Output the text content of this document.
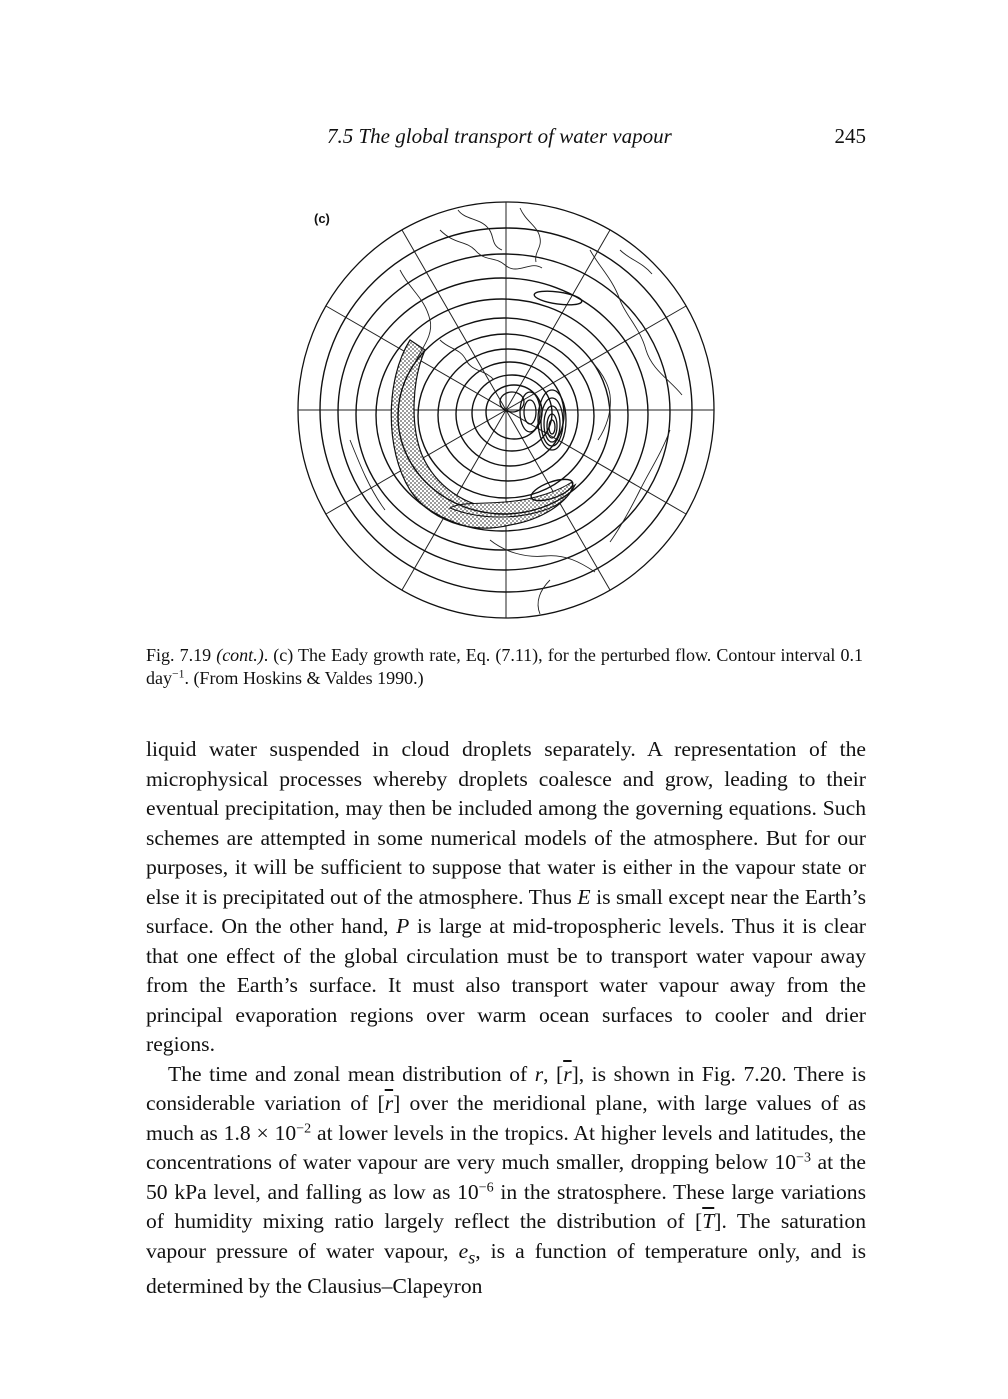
7.5 The global transport of water vapour	245
(c)
Fig. 7.19 (cont.). (c) The Eady growth rate, Eq. (7.11), for the perturbed flow. Contour interval 0.1 day$^{-1}$. (From Hoskins & Valdes 1990.)

liquid water suspended in cloud droplets separately. A representation of the microphysical processes whereby droplets coalesce and grow, leading to their eventual precipitation, may then be included among the governing equations. Such schemes are attempted in some numerical models of the atmosphere. But for our purposes, it will be sufficient to suppose that water is either in the vapour state or else it is precipitated out of the atmosphere. Thus E is small except near the Earth’s surface. On the other hand, P is large at mid-tropospheric levels. Thus it is clear that one effect of the global circulation must be to transport water vapour away from the Earth’s surface. It must also transport water vapour away from the principal evaporation regions over warm ocean surfaces to cooler and drier regions.

The time and zonal mean distribution of r, $[\overline{r}]$, is shown in Fig. 7.20. There is considerable variation of $[\overline{r}]$ over the meridional plane, with large values of as much as $1.8 \times 10^{-2}$ at lower levels in the tropics. At higher levels and latitudes, the concentrations of water vapour are very much smaller, dropping below $10^{-3}$ at the 50 kPa level, and falling as low as $10^{-6}$ in the stratosphere. These large variations of humidity mixing ratio largely reflect the distribution of $[\overline{T}]$. The saturation vapour pressure of water vapour, $e_s$, is a function of temperature only, and is determined by the Clausius–Clapeyron
